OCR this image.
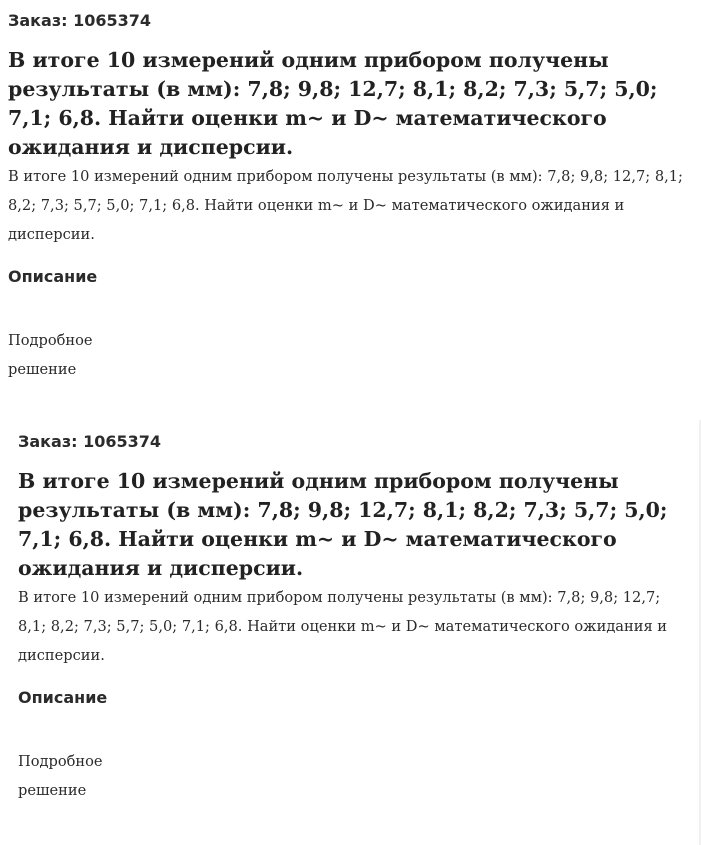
Заказ: 1065374

В итоге 10 измерений одним прибором получены результаты (в мм): 7,8; 9,8; 12,7; 8,1; 8,2; 7,3; 5,7; 5,0; 7,1; 6,8. Найти оценки m~ и D~ математического ожидания и дисперсии.

В итоге 10 измерений одним прибором получены результаты (в мм): 7,8; 9,8; 12,7; 8,1; 8,2; 7,3; 5,7; 5,0; 7,1; 6,8. Найти оценки m~ и D~ математического ожидания и дисперсии.

Описание

Подробное решение

Заказ: 1065374

В итоге 10 измерений одним прибором получены результаты (в мм): 7,8; 9,8; 12,7; 8,1; 8,2; 7,3; 5,7; 5,0; 7,1; 6,8. Найти оценки m~ и D~ математического ожидания и дисперсии.

В итоге 10 измерений одним прибором получены результаты (в мм): 7,8; 9,8; 12,7; 8,1; 8,2; 7,3; 5,7; 5,0; 7,1; 6,8. Найти оценки m~ и D~ математического ожидания и дисперсии.

Описание

Подробное решение
